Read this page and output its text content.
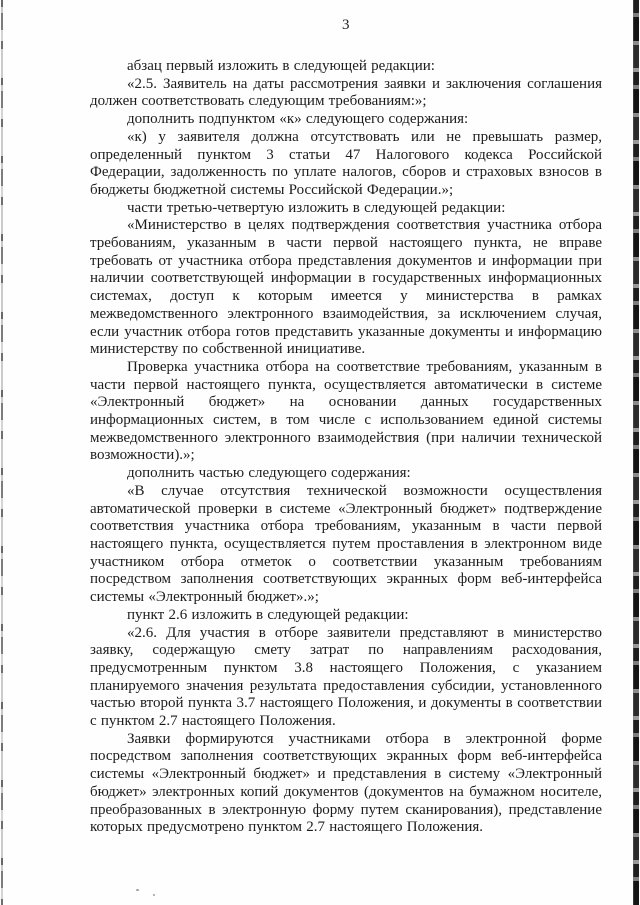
3

абзац первый изложить в следующей редакции:

«2.5. Заявитель на даты рассмотрения заявки и заключения соглашения должен соответствовать следующим требованиям:»;

дополнить подпунктом «к» следующего содержания:

«к) у заявителя должна отсутствовать или не превышать размер, определенный пунктом 3 статьи 47 Налогового кодекса Российской Федерации, задолженность по уплате налогов, сборов и страховых взносов в бюджеты бюджетной системы Российской Федерации.»;

части третью-четвертую изложить в следующей редакции:

«Министерство в целях подтверждения соответствия участника отбора требованиям, указанным в части первой настоящего пункта, не вправе требовать от участника отбора представления документов и информации при наличии соответствующей информации в государственных информационных системах, доступ к которым имеется у министерства в рамках межведомственного электронного взаимодействия, за исключением случая, если участник отбора готов представить указанные документы и информацию министерству по собственной инициативе.

Проверка участника отбора на соответствие требованиям, указанным в части первой настоящего пункта, осуществляется автоматически в системе «Электронный бюджет» на основании данных государственных информационных систем, в том числе с использованием единой системы межведомственного электронного взаимодействия (при наличии технической возможности).»;

дополнить частью следующего содержания:

«В случае отсутствия технической возможности осуществления автоматической проверки в системе «Электронный бюджет» подтверждение соответствия участника отбора требованиям, указанным в части первой настоящего пункта, осуществляется путем проставления в электронном виде участником отбора отметок о соответствии указанным требованиям посредством заполнения соответствующих экранных форм веб-интерфейса системы «Электронный бюджет».»;

пункт 2.6 изложить в следующей редакции:

«2.6. Для участия в отборе заявители представляют в министерство заявку, содержащую смету затрат по направлениям расходования, предусмотренным пунктом 3.8 настоящего Положения, с указанием планируемого значения результата предоставления субсидии, установленного частью второй пункта 3.7 настоящего Положения, и документы в соответствии с пунктом 2.7 настоящего Положения.

Заявки формируются участниками отбора в электронной форме посредством заполнения соответствующих экранных форм веб-интерфейса системы «Электронный бюджет» и представления в систему «Электронный бюджет» электронных копий документов (документов на бумажном носителе, преобразованных в электронную форму путем сканирования), представление которых предусмотрено пунктом 2.7 настоящего Положения.
